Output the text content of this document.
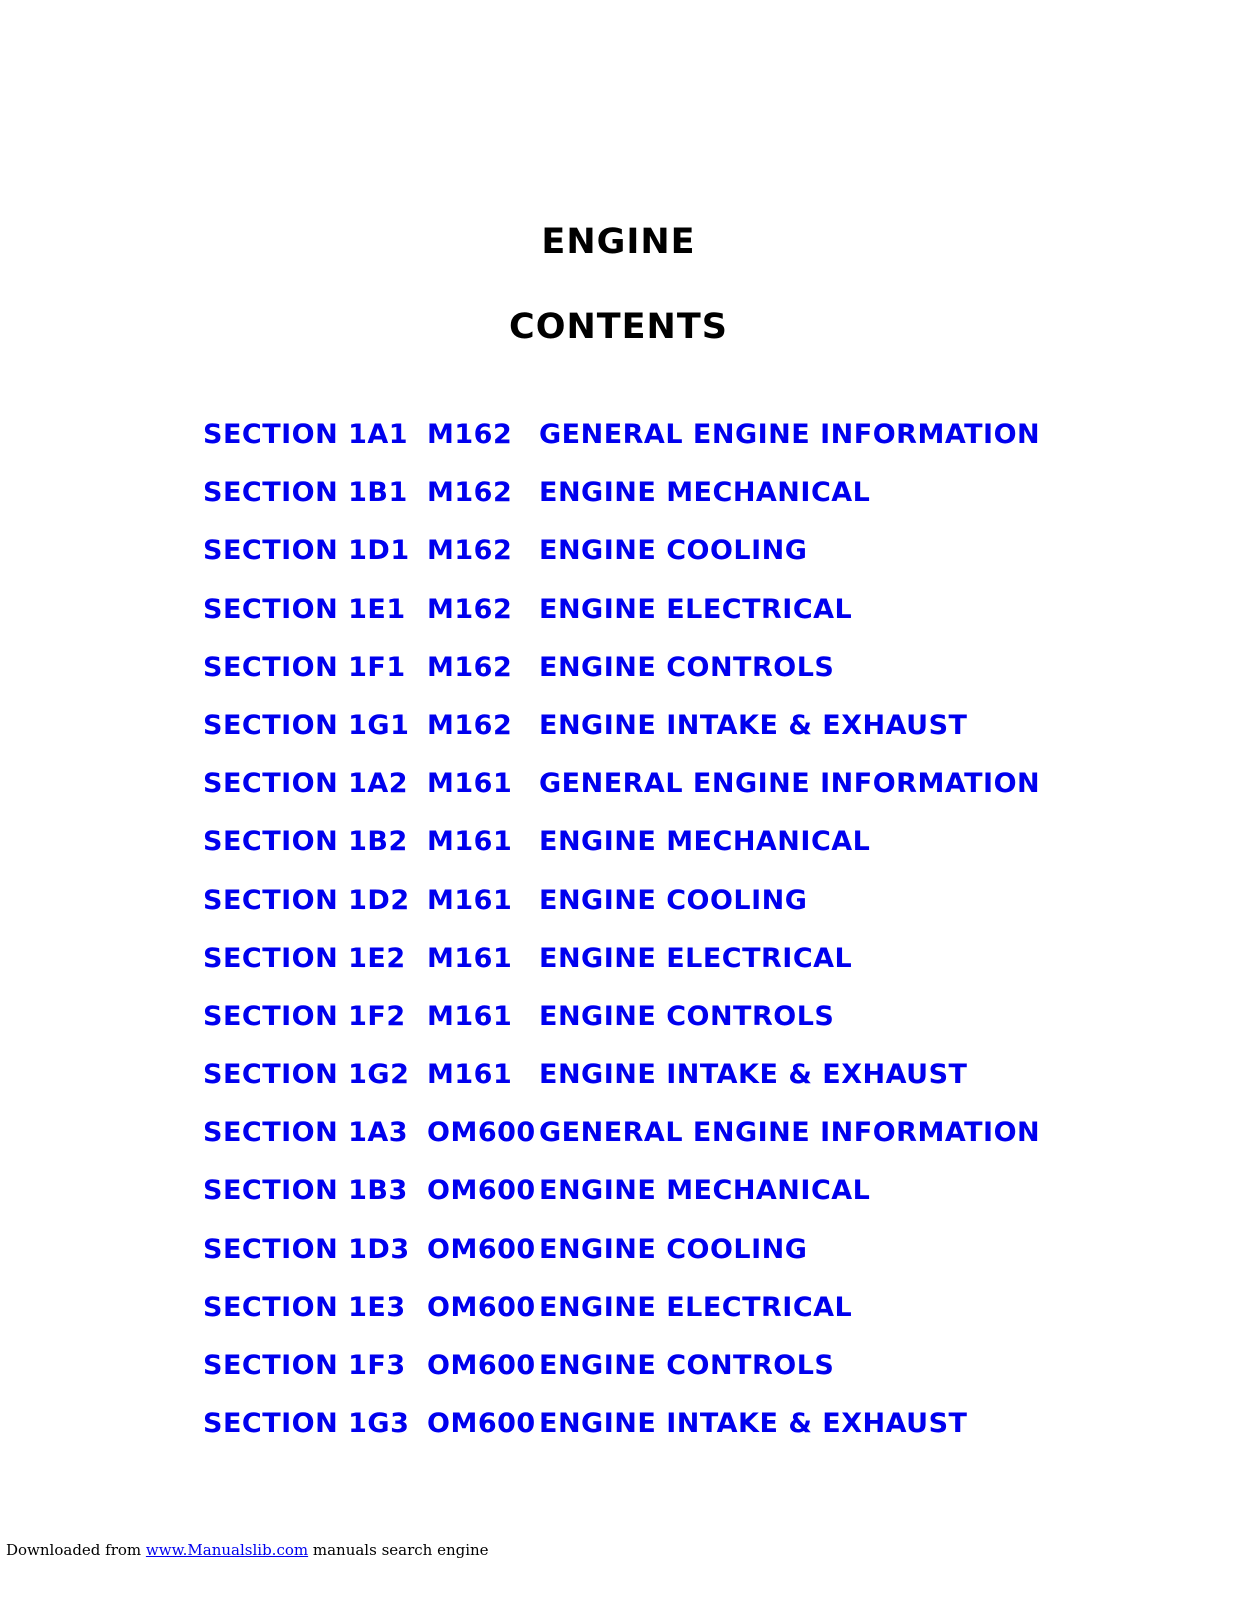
ENGINE
CONTENTS
SECTION 1A1 M162 GENERAL ENGINE INFORMATION
SECTION 1B1 M162 ENGINE MECHANICAL
SECTION 1D1 M162 ENGINE COOLING
SECTION 1E1 M162 ENGINE ELECTRICAL
SECTION 1F1 M162 ENGINE CONTROLS
SECTION 1G1 M162 ENGINE INTAKE & EXHAUST
SECTION 1A2 M161 GENERAL ENGINE INFORMATION
SECTION 1B2 M161 ENGINE MECHANICAL
SECTION 1D2 M161 ENGINE COOLING
SECTION 1E2 M161 ENGINE ELECTRICAL
SECTION 1F2 M161 ENGINE CONTROLS
SECTION 1G2 M161 ENGINE INTAKE & EXHAUST
SECTION 1A3 OM600 GENERAL ENGINE INFORMATION
SECTION 1B3 OM600 ENGINE MECHANICAL
SECTION 1D3 OM600 ENGINE COOLING
SECTION 1E3 OM600 ENGINE ELECTRICAL
SECTION 1F3 OM600 ENGINE CONTROLS
SECTION 1G3 OM600 ENGINE INTAKE & EXHAUST
Downloaded from www.Manualslib.com manuals search engine
